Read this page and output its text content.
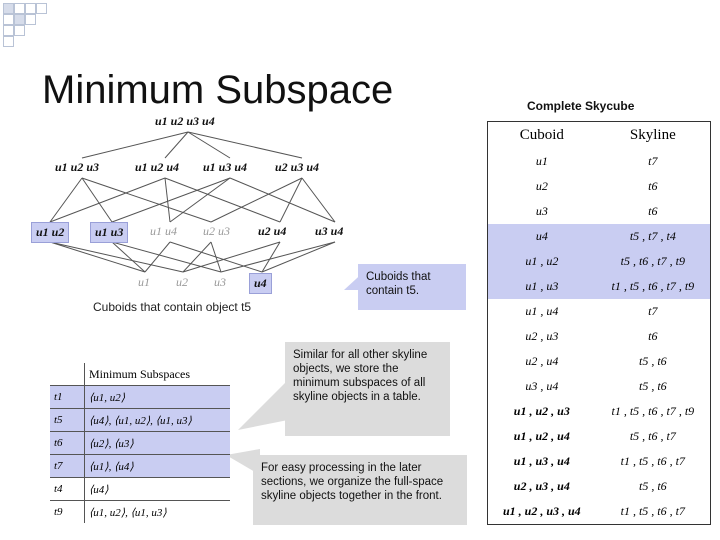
Minimum Subspace
u1 u2 u3 u4
u1 u2 u3	u1 u2 u4 u1 u3 u4 u2 u3 u4
u1 u2	u1 u3	u1 u4 u2 u3 u2 u4 u3 u4
u1 u2 u3	u4
Cuboids that contain object t5
Cuboids that contain t5.
Similar for all other skyline objects, we store the minimum subspaces of all skyline objects in a table.
For easy processing in the later sections, we organize the full-space skyline objects together in the front.
	Minimum Subspaces
t1	⟨u1, u2⟩
t5	⟨u4⟩, ⟨u1, u2⟩, ⟨u1, u3⟩
t6	⟨u2⟩, ⟨u3⟩
t7	⟨u1⟩, ⟨u4⟩
t4	⟨u4⟩
t9	⟨u1, u2⟩, ⟨u1, u3⟩
Complete Skycube
Cuboid	Skyline
u1	t7
u2	t6
u3	t6
u4	t5 , t7 , t4
u1 , u2	t5 , t6 , t7 , t9
u1 , u3	t1 , t5 , t6 , t7 , t9
u1 , u4	t7
u2 , u3	t6
u2 , u4	t5 , t6
u3 , u4	t5 , t6
u1 , u2 , u3	t1 , t5 , t6 , t7 , t9
u1 , u2 , u4	t5 , t6 , t7
u1 , u3 , u4	t1 , t5 , t6 , t7
u2 , u3 , u4	t5 , t6
u1 , u2 , u3 , u4	t1 , t5 , t6 , t7
